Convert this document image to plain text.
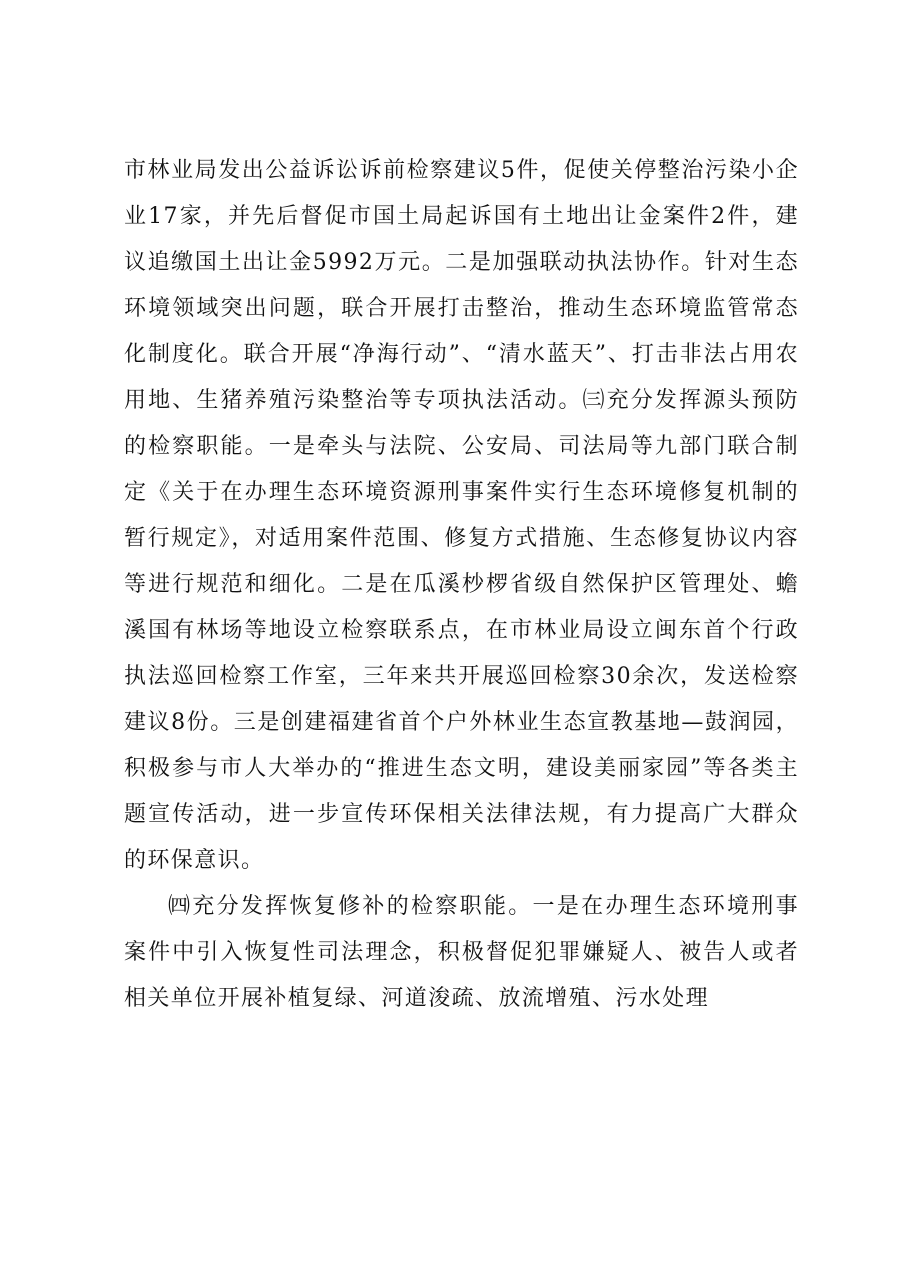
市林业局发出公益诉讼诉前检察建议5件，促使关停整治污染小企业17家，并先后督促市国土局起诉国有土地出让金案件2件，建议追缴国土出让金5992万元。二是加强联动执法协作。针对生态环境领域突出问题，联合开展打击整治，推动生态环境监管常态化制度化。联合开展“净海行动”、“清水蓝天”、打击非法占用农用地、生猪养殖污染整治等专项执法活动。㈢充分发挥源头预防的检察职能。一是牵头与法院、公安局、司法局等九部门联合制定《关于在办理生态环境资源刑事案件实行生态环境修复机制的暂行规定》，对适用案件范围、修复方式措施、生态修复协议内容等进行规范和细化。二是在瓜溪杪椤省级自然保护区管理处、蟾溪国有林场等地设立检察联系点，在市林业局设立闽东首个行政执法巡回检察工作室，三年来共开展巡回检察30余次，发送检察建议8份。三是创建福建省首个户外林业生态宣教基地—鼓润园，积极参与市人大举办的“推进生态文明，建设美丽家园”等各类主题宣传活动，进一步宣传环保相关法律法规，有力提高广大群众的环保意识。

㈣充分发挥恢复修补的检察职能。一是在办理生态环境刑事案件中引入恢复性司法理念，积极督促犯罪嫌疑人、被告人或者相关单位开展补植复绿、河道浚疏、放流增殖、污水处理
